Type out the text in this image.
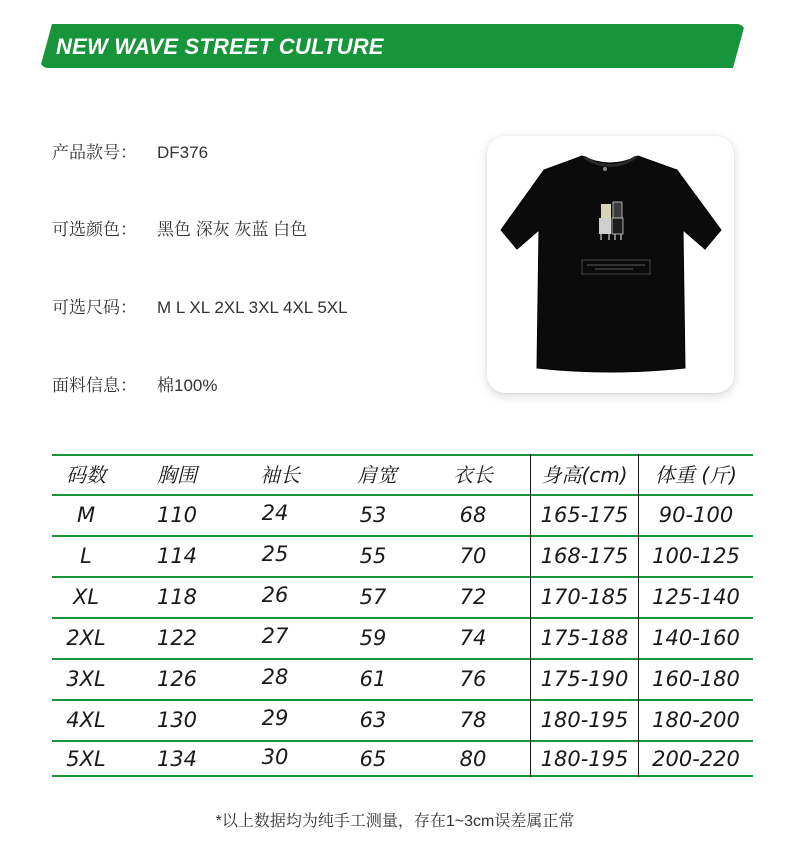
NEW WAVE STREET CULTURE
产品款号： DF376
可选颜色： 黑色 深灰 灰蓝 白色
可选尺码： M L XL 2XL 3XL 4XL 5XL
面料信息： 棉100%
码数	胸围	袖长	肩宽	衣长	身高(cm)	体重 (斤)
M	110	24	53	68	165-175	90-100
L	114	25	55	70	168-175	100-125
XL	118	26	57	72	170-185	125-140
2XL	122	27	59	74	175-188	140-160
3XL	126	28	61	76	175-190	160-180
4XL	130	29	63	78	180-195	180-200
5XL	134	30	65	80	180-195	200-220
*以上数据均为纯手工测量，存在1~3cm误差属正常
